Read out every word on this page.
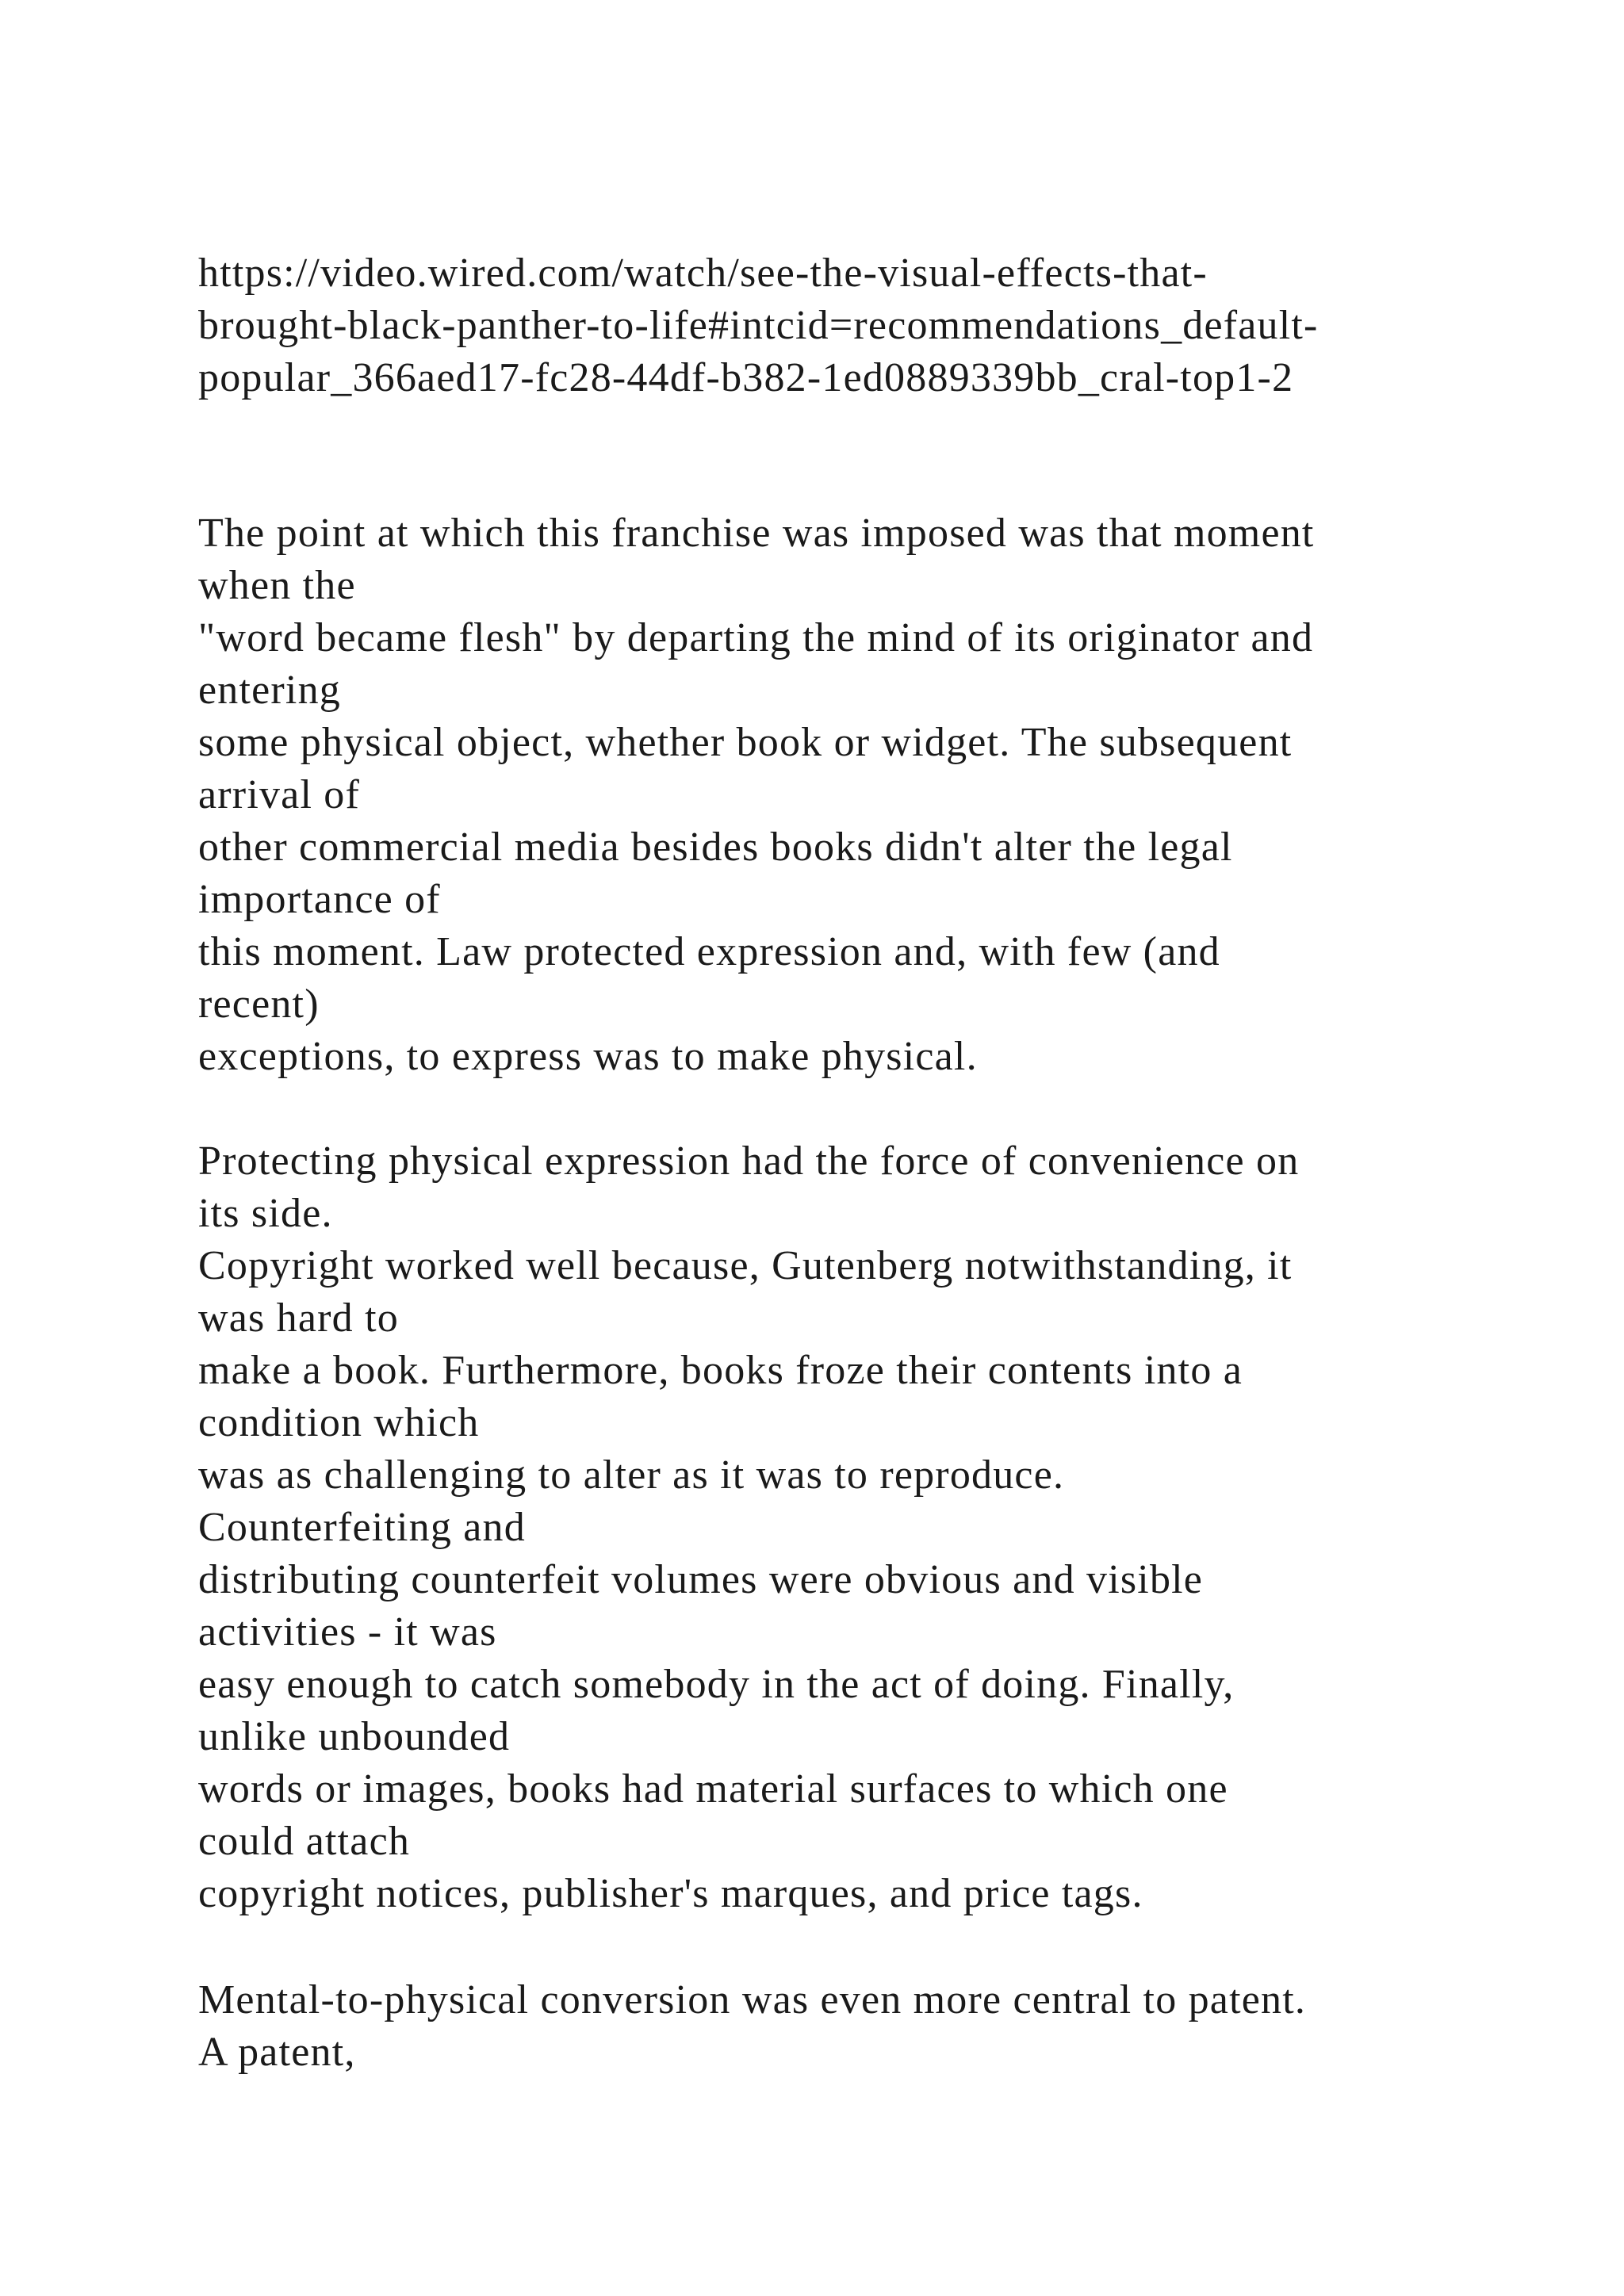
https://video.wired.com/watch/see-the-visual-effects-that-
brought-black-panther-to-life#intcid=recommendations_default-
popular_366aed17-fc28-44df-b382-1ed0889339bb_cral-top1-2
The point at which this franchise was imposed was that moment
when the
"word became flesh" by departing the mind of its originator and
entering
some physical object, whether book or widget. The subsequent
arrival of
other commercial media besides books didn't alter the legal
importance of
this moment. Law protected expression and, with few (and
recent)
exceptions, to express was to make physical.
Protecting physical expression had the force of convenience on
its side.
Copyright worked well because, Gutenberg notwithstanding, it
was hard to
make a book. Furthermore, books froze their contents into a
condition which
was as challenging to alter as it was to reproduce.
Counterfeiting and
distributing counterfeit volumes were obvious and visible
activities - it was
easy enough to catch somebody in the act of doing. Finally,
unlike unbounded
words or images, books had material surfaces to which one
could attach
copyright notices, publisher's marques, and price tags.
Mental-to-physical conversion was even more central to patent.
A patent,
